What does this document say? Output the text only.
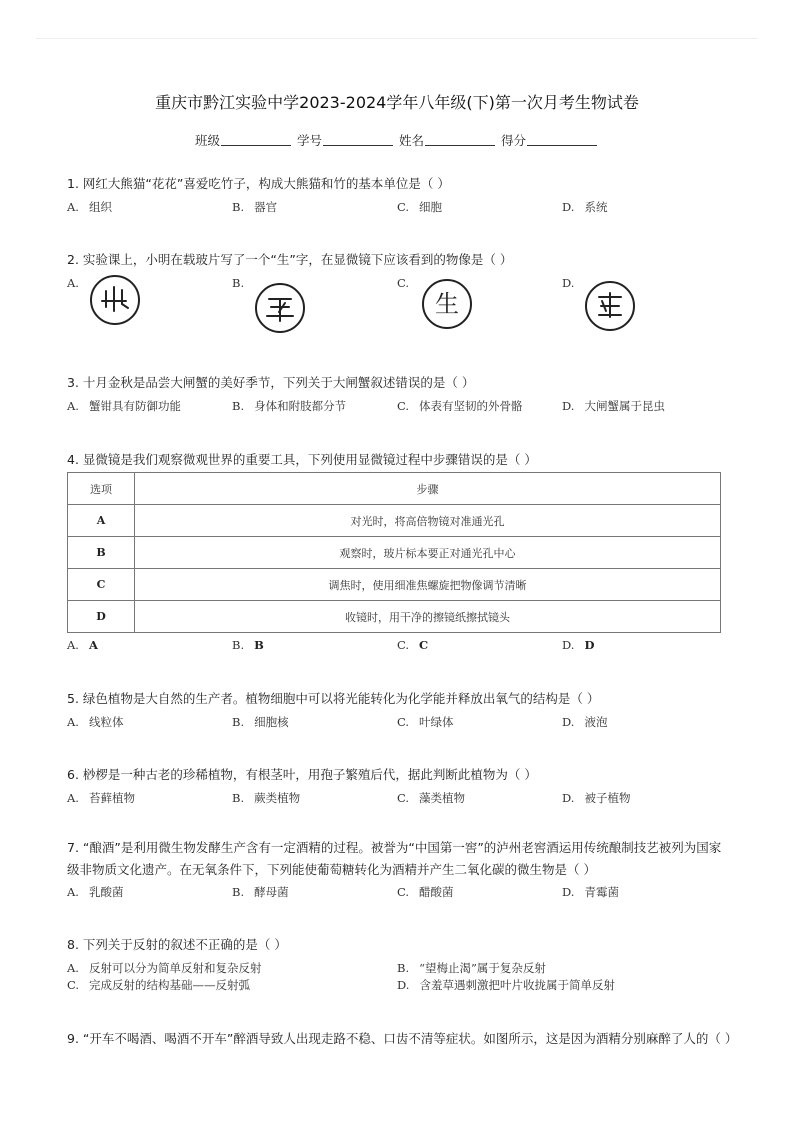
重庆市黔江实验中学2023-2024学年八年级(下)第一次月考生物试卷
班级	学号	姓名	得分
1. 网红大熊猫“花花”喜爱吃竹子，构成大熊猫和竹的基本单位是（ ）
A. 组织	B. 器官	C. 细胞	D. 系统
2. 实验课上，小明在载玻片写了一个“生”字，在显微镜下应该看到的物像是（ ）
A.	B.	C.	D.
生
3. 十月金秋是品尝大闸蟹的美好季节，下列关于大闸蟹叙述错误的是（ ）
A. 蟹钳具有防御功能	B. 身体和附肢都分节	C. 体表有坚韧的外骨骼	D. 大闸蟹属于昆虫
4. 显微镜是我们观察微观世界的重要工具，下列使用显微镜过程中步骤错误的是（ ）
选项	步骤
A	对光时，将高倍物镜对准通光孔
B	观察时，玻片标本要正对通光孔中心
C	调焦时，使用细准焦螺旋把物像调节清晰
D	收镜时，用干净的擦镜纸擦拭镜头
A. A	B. B	C. C	D. D
5. 绿色植物是大自然的生产者。植物细胞中可以将光能转化为化学能并释放出氧气的结构是（ ）
A. 线粒体	B. 细胞核	C. 叶绿体	D. 液泡
6. 桫椤是一种古老的珍稀植物，有根茎叶，用孢子繁殖后代，据此判断此植物为（ ）
A. 苔藓植物	B. 蕨类植物	C. 藻类植物	D. 被子植物
7. “酿酒”是利用微生物发酵生产含有一定酒精的过程。被誉为“中国第一窖”的泸州老窖酒运用传统酿制技艺被列为国家级非物质文化遗产。在无氧条件下，下列能使葡萄糖转化为酒精并产生二氧化碳的微生物是（ ）
A. 乳酸菌	B. 酵母菌	C. 醋酸菌	D. 青霉菌
8. 下列关于反射的叙述不正确的是（ ）
A. 反射可以分为简单反射和复杂反射	B. “望梅止渴”属于复杂反射
C. 完成反射的结构基础——反射弧	D. 含羞草遇刺激把叶片收拢属于简单反射
9. “开车不喝酒、喝酒不开车”醉酒导致人出现走路不稳、口齿不清等症状。如图所示，这是因为酒精分别麻醉了人的（ ）
